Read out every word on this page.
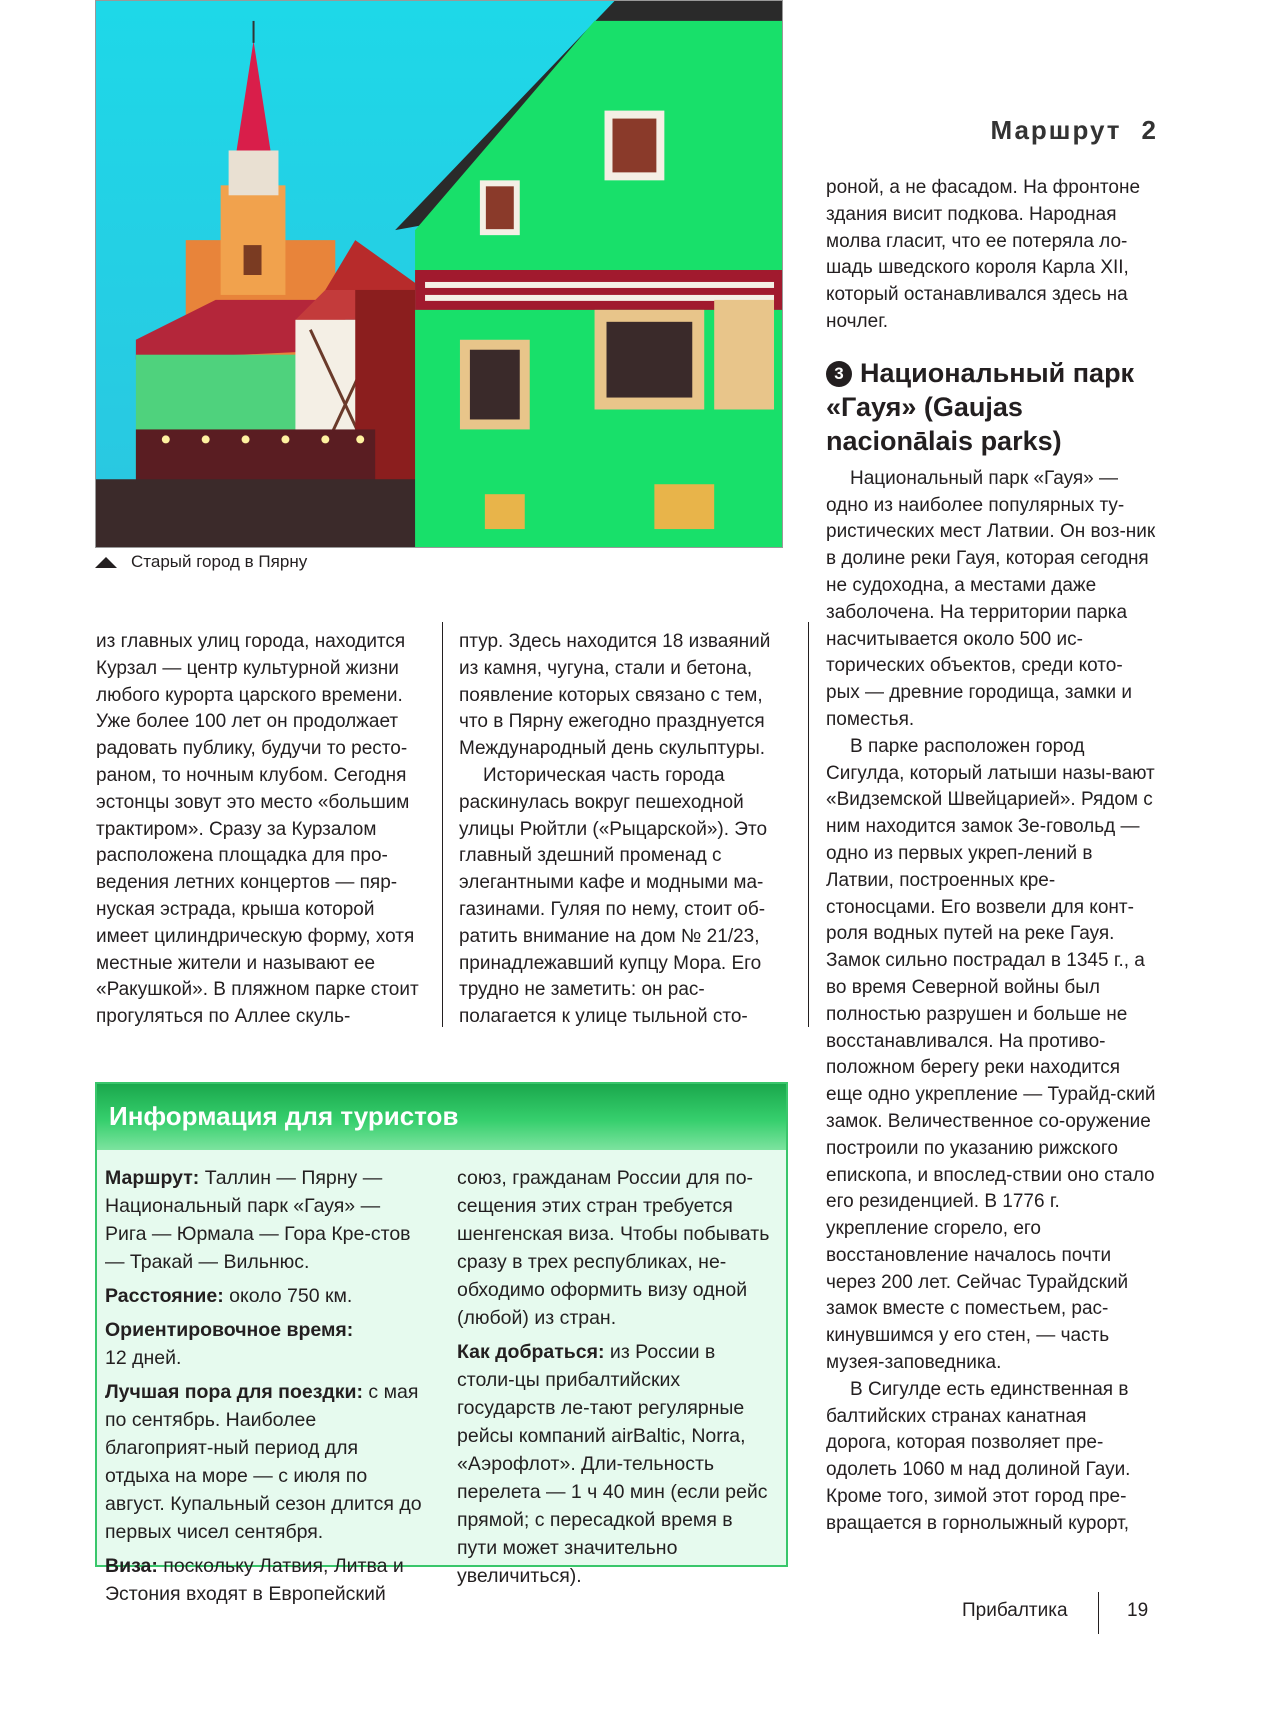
Старый город в Пярну
Маршрут 2

из главных улиц города, находится Курзал — центр культурной жизни любого курорта царского времени. Уже более 100 лет он продолжает радовать публику, будучи то ресто-раном, то ночным клубом. Сегодня эстонцы зовут это место «большим трактиром». Сразу за Курзалом расположена площадка для про-ведения летних концертов — пяр-нуская эстрада, крыша которой имеет цилиндрическую форму, хотя местные жители и называют ее «Ракушкой». В пляжном парке стоит прогуляться по Аллее скуль-

птур. Здесь находится 18 изваяний из камня, чугуна, стали и бетона, появление которых связано с тем, что в Пярну ежегодно празднуется Международный день скульптуры.

Историческая часть города раскинулась вокруг пешеходной улицы Рюйтли («Рыцарской»). Это главный здешний променад с элегантными кафе и модными ма-газинами. Гуляя по нему, стоит об-ратить внимание на дом № 21/23, принадлежавший купцу Мора. Его трудно не заметить: он рас-полагается к улице тыльной сто-

роной, а не фасадом. На фронтоне здания висит подкова. Народная молва гласит, что ее потеряла ло-шадь шведского короля Карла XII, который останавливался здесь на ночлег.

3 Национальный парк «Гауя» (Gaujas nacionālais parks)

Национальный парк «Гауя» — одно из наиболее популярных ту-ристических мест Латвии. Он воз-ник в долине реки Гауя, которая сегодня не судоходна, а местами даже заболочена. На территории парка насчитывается около 500 ис-торических объектов, среди кото-рых — древние городища, замки и поместья.

В парке расположен город Сигулда, который латыши назы-вают «Видземской Швейцарией». Рядом с ним находится замок Зе-говольд — одно из первых укреп-лений в Латвии, построенных кре-стоносцами. Его возвели для конт-роля водных путей на реке Гауя. Замок сильно пострадал в 1345 г., а во время Северной войны был полностью разрушен и больше не восстанавливался. На противо-положном берегу реки находится еще одно укрепление — Турайд-ский замок. Величественное со-оружение построили по указанию рижского епископа, и впослед-ствии оно стало его резиденцией. В 1776 г. укрепление сгорело, его восстановление началось почти через 200 лет. Сейчас Турайдский замок вместе с поместьем, рас-кинувшимся у его стен, — часть музея-заповедника.

В Сигулде есть единственная в балтийских странах канатная дорога, которая позволяет пре-одолеть 1060 м над долиной Гауи. Кроме того, зимой этот город пре-вращается в горнолыжный курорт,

Информация для туристов

Маршрут: Таллин — Пярну — Национальный парк «Гауя» — Рига — Юрмала — Гора Кре-стов — Тракай — Вильнюс.

Расстояние: около 750 км.

Ориентировочное время:
12 дней.

Лучшая пора для поездки: с мая по сентябрь. Наиболее благоприят-ный период для отдыха на море — с июля по август. Купальный сезон длится до первых чисел сентября.

Виза: поскольку Латвия, Литва и Эстония входят в Европейский

союз, гражданам России для по-сещения этих стран требуется шенгенская виза. Чтобы побывать сразу в трех республиках, не-обходимо оформить визу одной (любой) из стран.

Как добраться: из России в столи-цы прибалтийских государств ле-тают регулярные рейсы компаний airBaltic, Norra, «Аэрофлот». Дли-тельность перелета — 1 ч 40 мин (если рейс прямой; с пересадкой время в пути может значительно увеличиться).

Прибалтика	19
